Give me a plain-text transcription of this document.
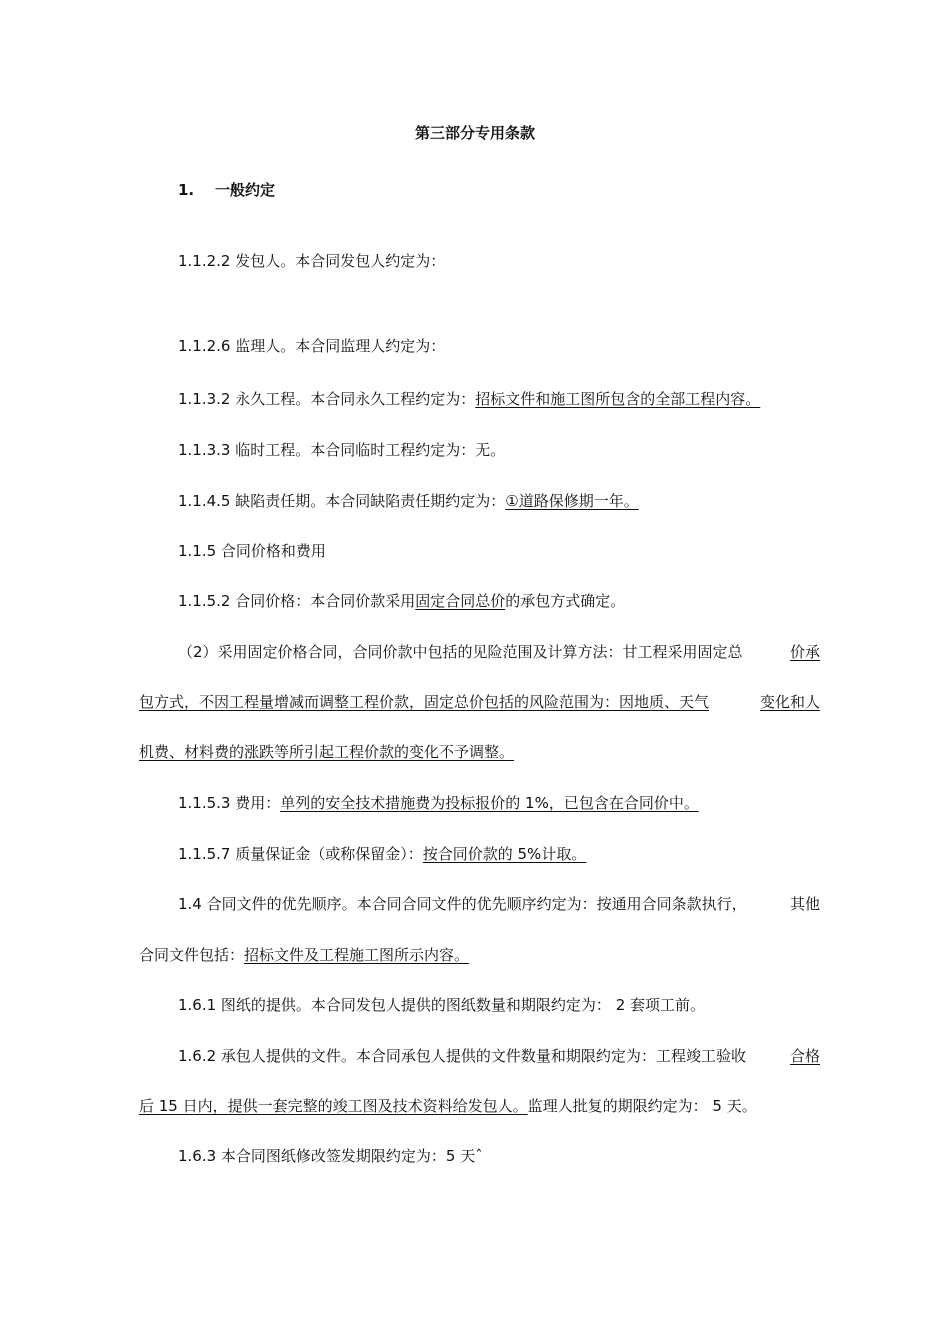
第三部分专用条款
1. 一般约定
1.1.2.2 发包人。本合同发包人约定为：
1.1.2.6 监理人。本合同监理人约定为：
1.1.3.2 永久工程。本合同永久工程约定为：招标文件和施工图所包含的全部工程内容。
1.1.3.3 临时工程。本合同临时工程约定为：无。
1.1.4.5 缺陷责任期。本合同缺陷责任期约定为：①道路保修期一年。
1.1.5 合同价格和费用
1.1.5.2 合同价格：本合同价款采用固定合同总价的承包方式确定。
（2）采用固定价格合同，合同价款中包括的见险范围及计算方法：甘工程采用固定总	价承
包方式，不因工程量增减而调整工程价款，固定总价包括的风险范围为：因地质、天气	变化和人
机费、材料费的涨跌等所引起工程价款的变化不予调整。
1.1.5.3 费用：单列的安全技术措施费为投标报价的 1%，已包含在合同价中。
1.1.5.7 质量保证金（或称保留金）：按合同价款的 5%计取。
1.4 合同文件的优先顺序。本合同合同文件的优先顺序约定为：按通用合同条款执行，	其他
合同文件包括：招标文件及工程施工图所示内容。
1.6.1 图纸的提供。本合同发包人提供的图纸数量和期限约定为： 2 套项工前。
1.6.2 承包人提供的文件。本合同承包人提供的文件数量和期限约定为：工程竣工验收	合格
后 15 日内，提供一套完整的竣工图及技术资料给发包人。监理人批复的期限约定为： 5 天。
1.6.3 本合同图纸修改签发期限约定为：5 天ˆ
